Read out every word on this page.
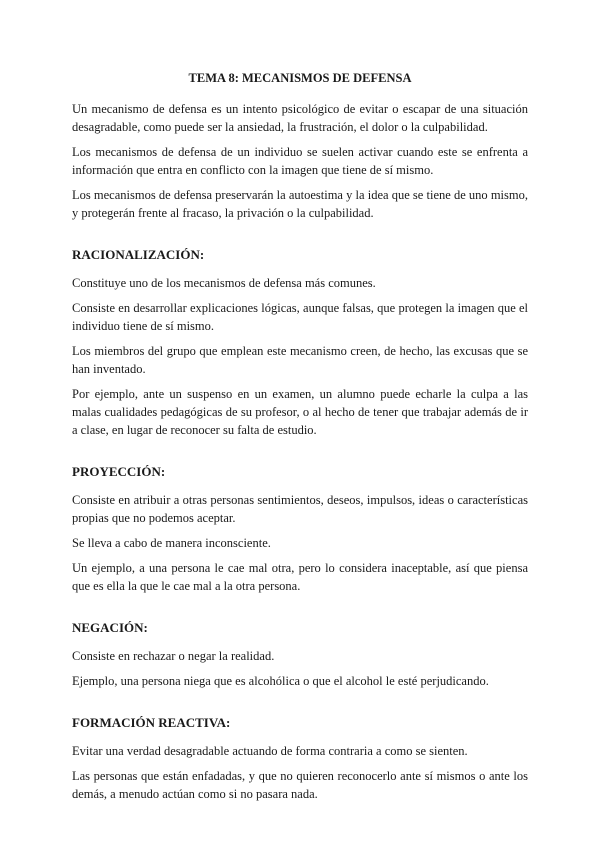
TEMA 8: MECANISMOS DE DEFENSA

Un mecanismo de defensa es un intento psicológico de evitar o escapar de una situación desagradable, como puede ser la ansiedad, la frustración, el dolor o la culpabilidad.

Los mecanismos de defensa de un individuo se suelen activar cuando este se enfrenta a información que entra en conflicto con la imagen que tiene de sí mismo.

Los mecanismos de defensa preservarán la autoestima y la idea que se tiene de uno mismo, y protegerán frente al fracaso, la privación o la culpabilidad.

RACIONALIZACIÓN:

Constituye uno de los mecanismos de defensa más comunes.

Consiste en desarrollar explicaciones lógicas, aunque falsas, que protegen la imagen que el individuo tiene de sí mismo.

Los miembros del grupo que emplean este mecanismo creen, de hecho, las excusas que se han inventado.

Por ejemplo, ante un suspenso en un examen, un alumno puede echarle la culpa a las malas cualidades pedagógicas de su profesor, o al hecho de tener que trabajar además de ir a clase, en lugar de reconocer su falta de estudio.

PROYECCIÓN:

Consiste en atribuir a otras personas sentimientos, deseos, impulsos, ideas o características propias que no podemos aceptar.

Se lleva a cabo de manera inconsciente.

Un ejemplo, a una persona le cae mal otra, pero lo considera inaceptable, así que piensa que es ella la que le cae mal a la otra persona.

NEGACIÓN:

Consiste en rechazar o negar la realidad.

Ejemplo, una persona niega que es alcohólica o que el alcohol le esté perjudicando.

FORMACIÓN REACTIVA:

Evitar una verdad desagradable actuando de forma contraria a como se sienten.

Las personas que están enfadadas, y que no quieren reconocerlo ante sí mismos o ante los demás, a menudo actúan como si no pasara nada.
